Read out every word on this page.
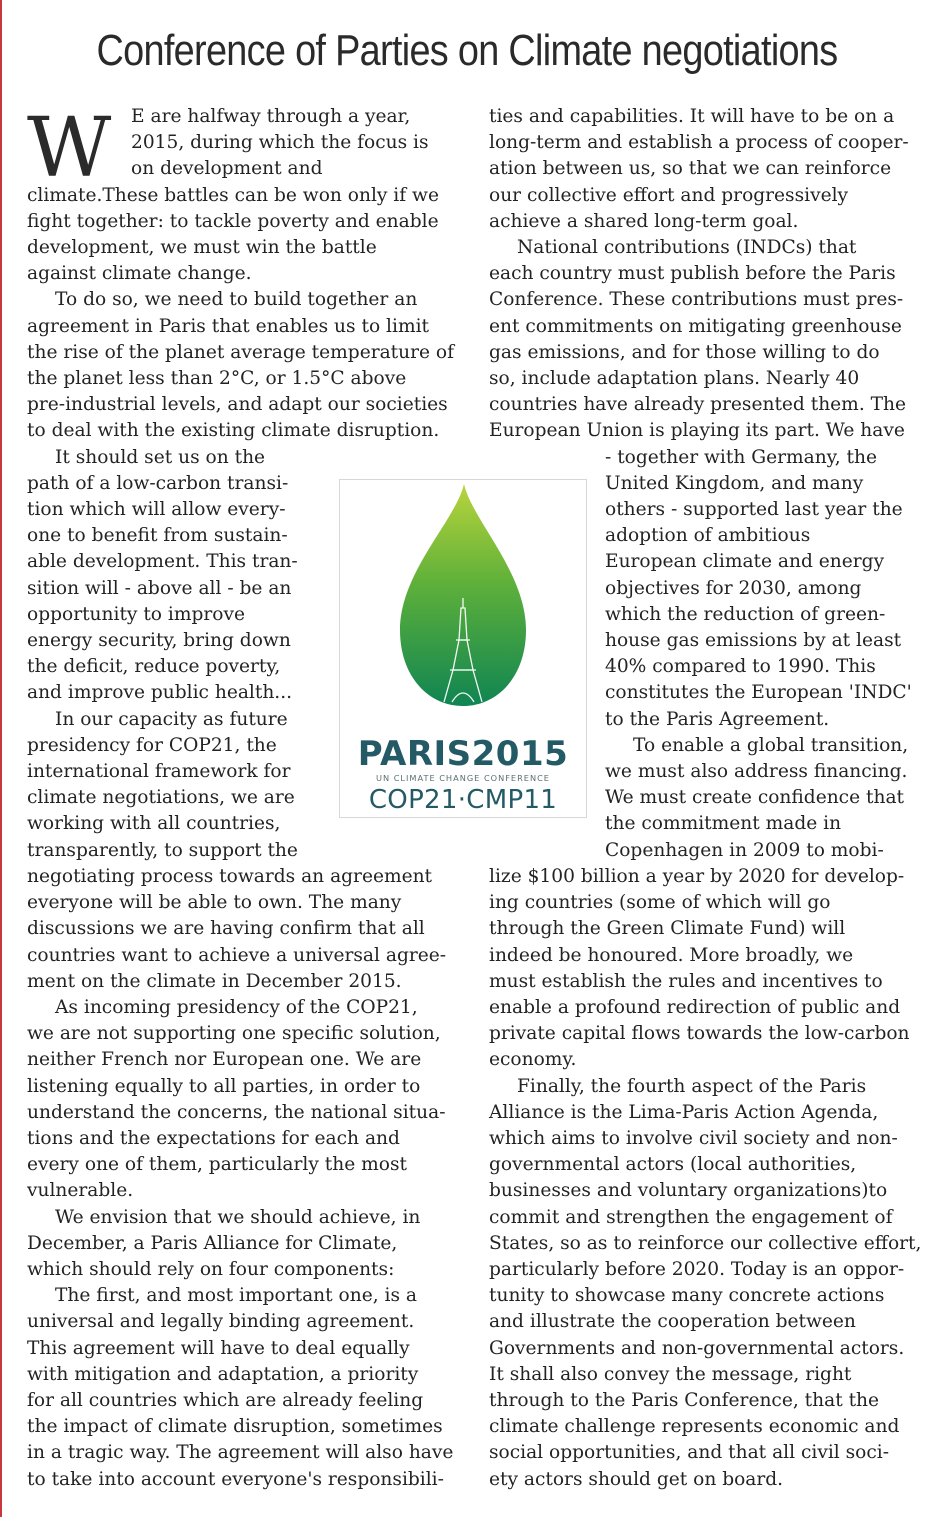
Conference of Parties on Climate negotiations
W	E are halfway through a year,

2015, during which the focus is

on development and

climate.These battles can be won only if we

fight together: to tackle poverty and enable

development, we must win the battle

against climate change.

To do so, we need to build together an

agreement in Paris that enables us to limit

the rise of the planet average temperature of

the planet less than 2°C, or 1.5°C above

pre-industrial levels, and adapt our societies

to deal with the existing climate disruption.

It should set us on the

path of a low-carbon transi-

tion which will allow every-

one to benefit from sustain-

able development. This tran-

sition will - above all - be an

opportunity to improve

energy security, bring down

the deficit, reduce poverty,

and improve public health...

In our capacity as future

presidency for COP21, the

international framework for

climate negotiations, we are

working with all countries,

transparently, to support the

negotiating process towards an agreement

everyone will be able to own. The many

discussions we are having confirm that all

countries want to achieve a universal agree-

ment on the climate in December 2015.

As incoming presidency of the COP21,

we are not supporting one specific solution,

neither French nor European one. We are

listening equally to all parties, in order to

understand the concerns, the national situa-

tions and the expectations for each and

every one of them, particularly the most

vulnerable.

We envision that we should achieve, in

December, a Paris Alliance for Climate,

which should rely on four components:

The first, and most important one, is a

universal and legally binding agreement.

This agreement will have to deal equally

with mitigation and adaptation, a priority

for all countries which are already feeling

the impact of climate disruption, sometimes

in a tragic way. The agreement will also have

to take into account everyone's responsibili-

ties and capabilities. It will have to be on a

long-term and establish a process of cooper-

ation between us, so that we can reinforce

our collective effort and progressively

achieve a shared long-term goal.

National contributions (INDCs) that

each country must publish before the Paris

Conference. These contributions must pres-

ent commitments on mitigating greenhouse

gas emissions, and for those willing to do

so, include adaptation plans. Nearly 40

countries have already presented them. The

European Union is playing its part. We have

- together with Germany, the

United Kingdom, and many

others - supported last year the

adoption of ambitious

European climate and energy

objectives for 2030, among

which the reduction of green-

house gas emissions by at least

40% compared to 1990. This

constitutes the European 'INDC'

to the Paris Agreement.

To enable a global transition,

we must also address financing.

We must create confidence that

the commitment made in

Copenhagen in 2009 to mobi-

lize $100 billion a year by 2020 for develop-

ing countries (some of which will go

through the Green Climate Fund) will

indeed be honoured. More broadly, we

must establish the rules and incentives to

enable a profound redirection of public and

private capital flows towards the low-carbon

economy.

Finally, the fourth aspect of the Paris

Alliance is the Lima-Paris Action Agenda,

which aims to involve civil society and non-

governmental actors (local authorities,

businesses and voluntary organizations)to

commit and strengthen the engagement of

States, so as to reinforce our collective effort,

particularly before 2020. Today is an oppor-

tunity to showcase many concrete actions

and illustrate the cooperation between

Governments and non-governmental actors.

It shall also convey the message, right

through to the Paris Conference, that the

climate challenge represents economic and

social opportunities, and that all civil soci-

ety actors should get on board.

PARIS2015
UN CLIMATE CHANGE CONFERENCE
COP21·CMP11
